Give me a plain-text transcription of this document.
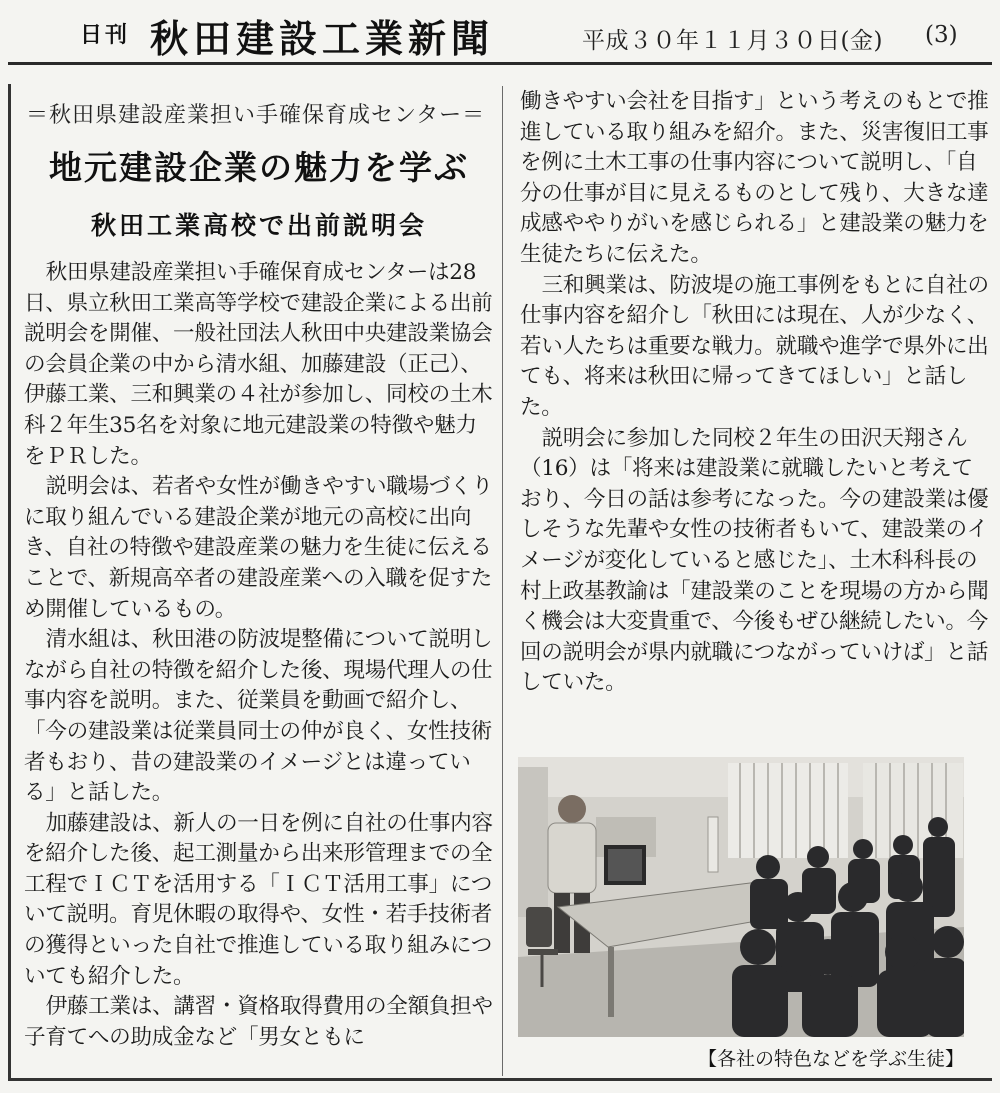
日刊 秋田建設工業新聞	平成３０年１１月３０日(金) (3)
＝秋田県建設産業担い手確保育成センター＝
地元建設企業の魅力を学ぶ
秋田工業高校で出前説明会

秋田県建設産業担い手確保育成センターは28日、県立秋田工業高等学校で建設企業による出前説明会を開催、一般社団法人秋田中央建設業協会の会員企業の中から清水組、加藤建設（正己）、伊藤工業、三和興業の４社が参加し、同校の土木科２年生35名を対象に地元建設業の特徴や魅力をＰＲした。

説明会は、若者や女性が働きやすい職場づくりに取り組んでいる建設企業が地元の高校に出向き、自社の特徴や建設産業の魅力を生徒に伝えることで、新規高卒者の建設産業への入職を促すため開催しているもの。

清水組は、秋田港の防波堤整備について説明しながら自社の特徴を紹介した後、現場代理人の仕事内容を説明。また、従業員を動画で紹介し、「今の建設業は従業員同士の仲が良く、女性技術者もおり、昔の建設業のイメージとは違っている」と話した。

加藤建設は、新人の一日を例に自社の仕事内容を紹介した後、起工測量から出来形管理までの全工程でＩＣＴを活用する「ＩＣＴ活用工事」について説明。育児休暇の取得や、女性・若手技術者の獲得といった自社で推進している取り組みについても紹介した。

伊藤工業は、講習・資格取得費用の全額負担や子育てへの助成金など「男女ともに

働きやすい会社を目指す」という考えのもとで推進している取り組みを紹介。また、災害復旧工事を例に土木工事の仕事内容について説明し、「自分の仕事が目に見えるものとして残り、大きな達成感ややりがいを感じられる」と建設業の魅力を生徒たちに伝えた。

三和興業は、防波堤の施工事例をもとに自社の仕事内容を紹介し「秋田には現在、人が少なく、若い人たちは重要な戦力。就職や進学で県外に出ても、将来は秋田に帰ってきてほしい」と話した。

説明会に参加した同校２年生の田沢天翔さん（16）は「将来は建設業に就職したいと考えており、今日の話は参考になった。今の建設業は優しそうな先輩や女性の技術者もいて、建設業のイメージが変化していると感じた」、土木科科長の村上政基教諭は「建設業のことを現場の方から聞く機会は大変貴重で、今後もぜひ継続したい。今回の説明会が県内就職につながっていけば」と話していた。

【各社の特色などを学ぶ生徒】
